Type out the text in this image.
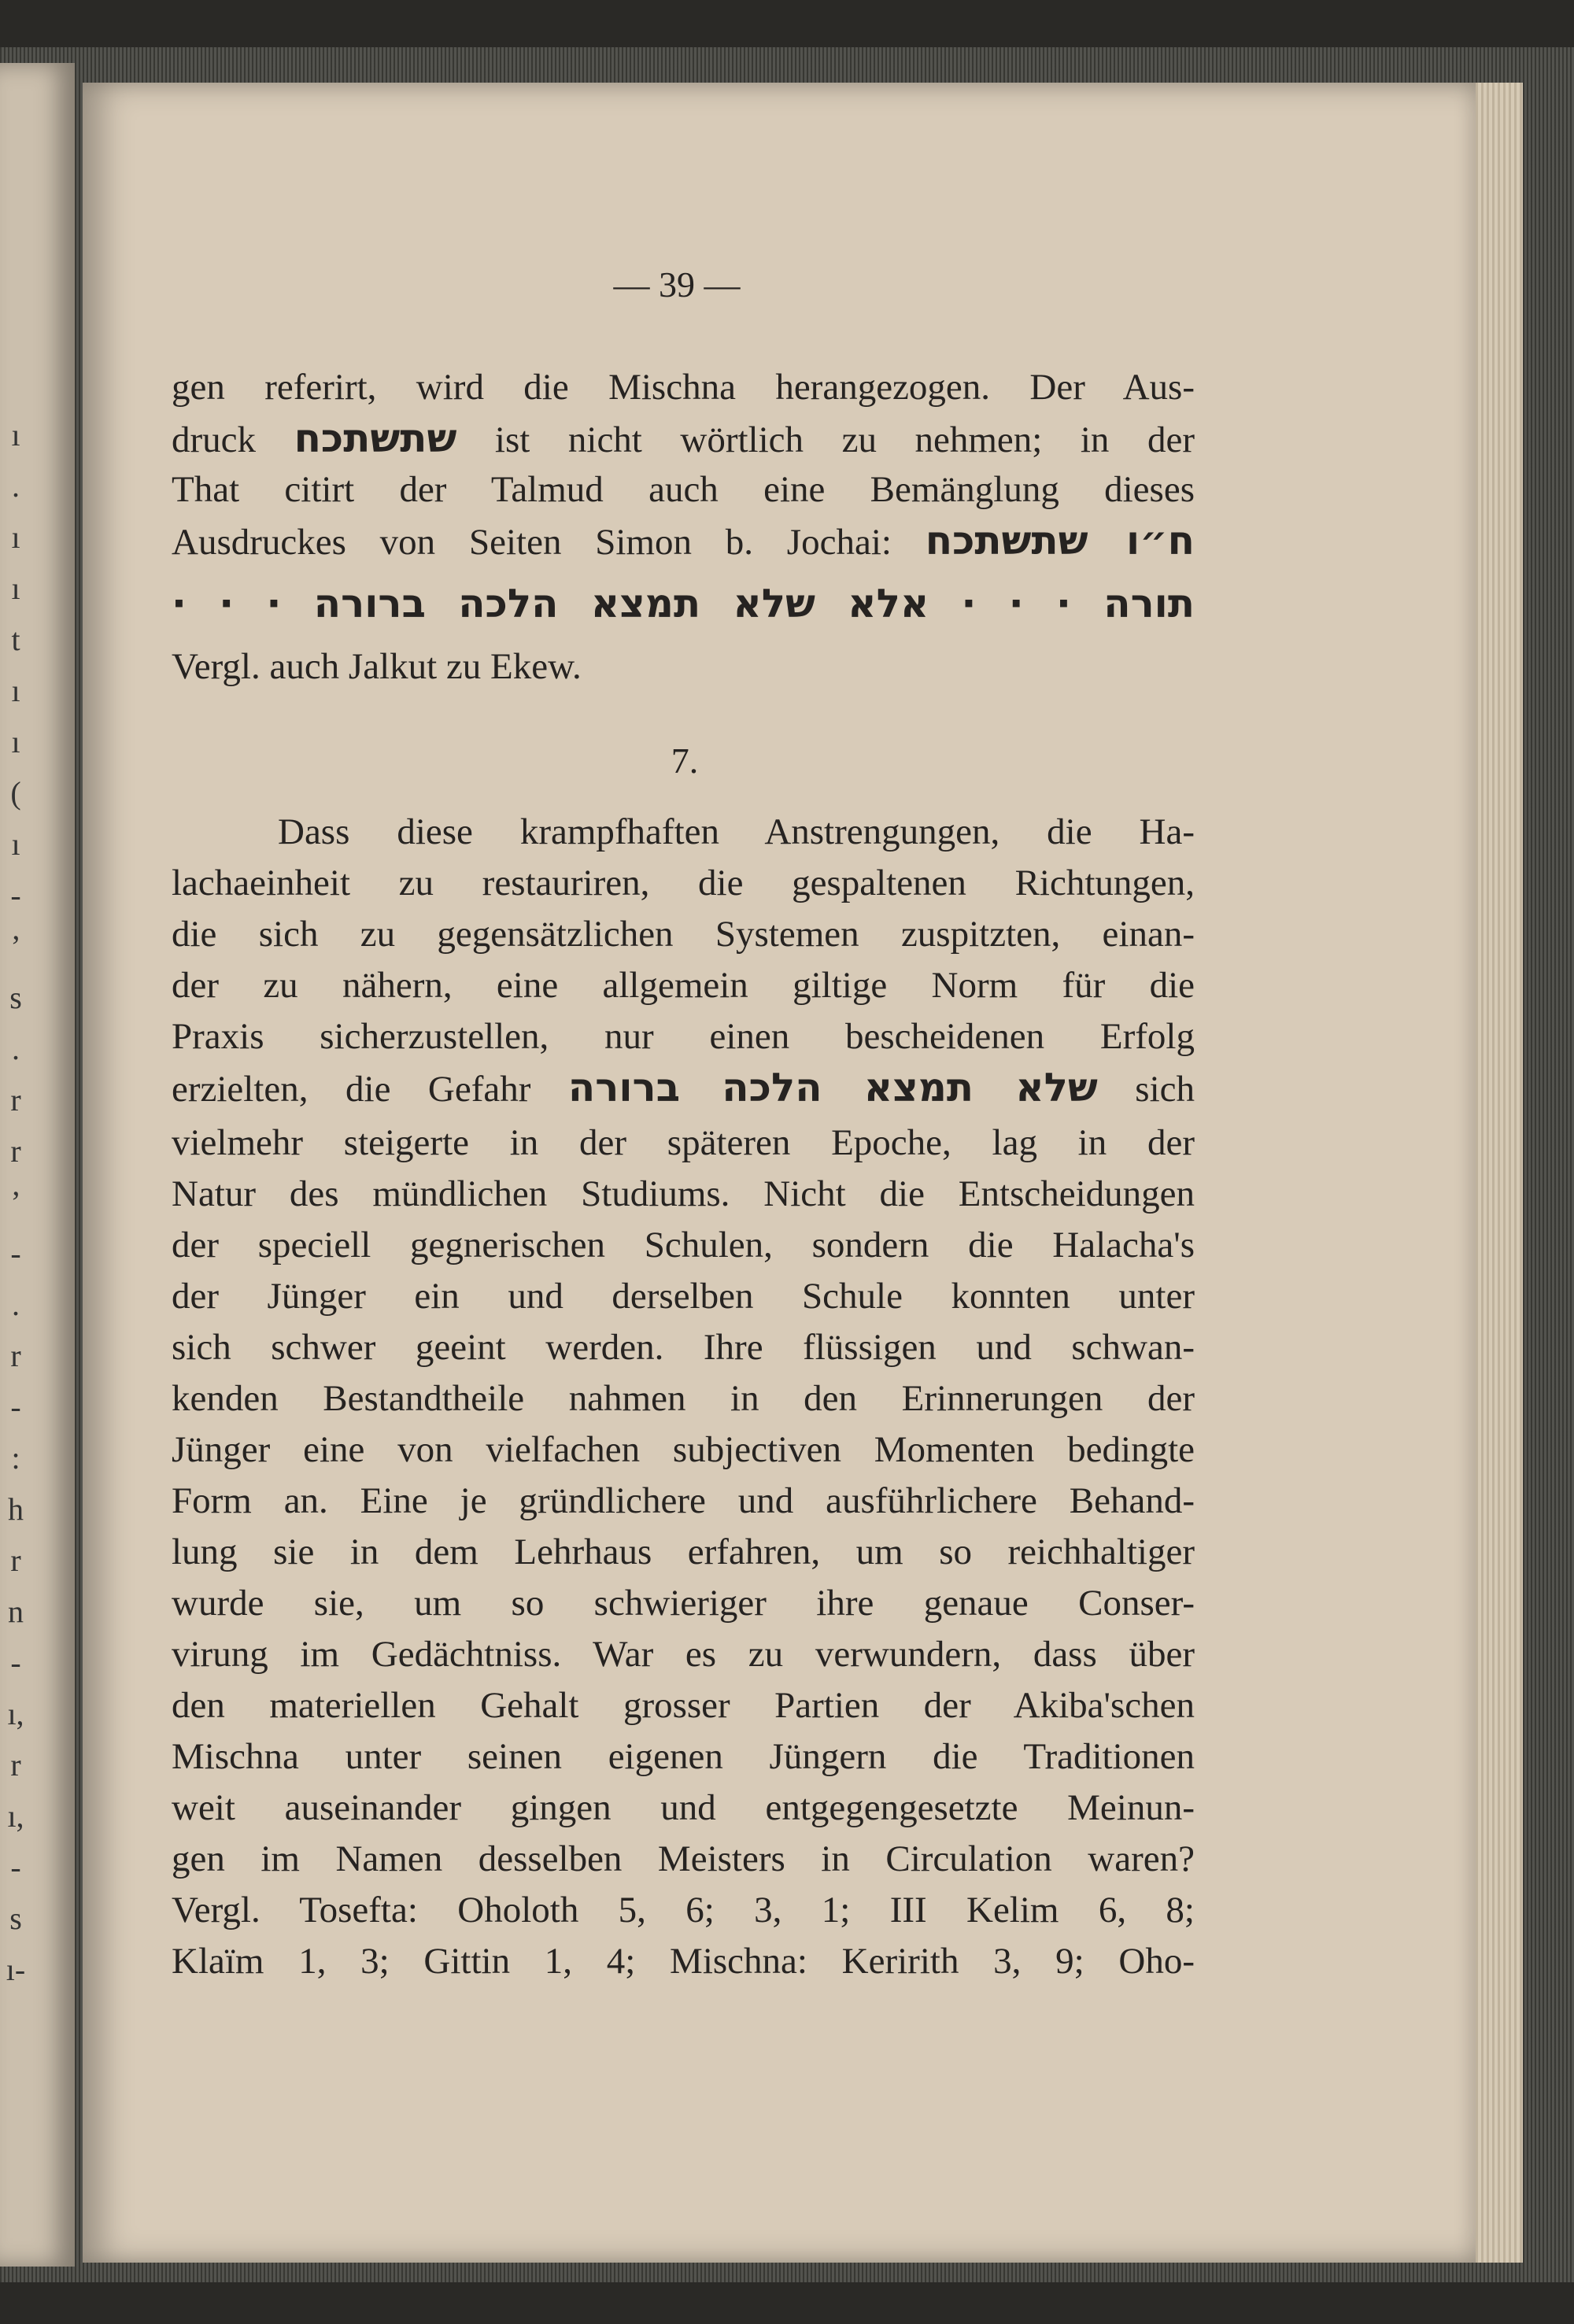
ı
.
ı
ı
t
ı
ı
(
ı
-
’
s
.
r
r
’
-
.
r
-
:
h
r
n
-
ı,
r
ı,
-
s
ı-
— 39 —
gen referirt, wird die Mischna herangezogen. Der Aus-
druck שתשתכח ist nicht wörtlich zu nehmen; in der
That citirt der Talmud auch eine Bemänglung dieses
Ausdruckes von Seiten Simon b. Jochai: ח״ו שתשתכח
תורה ⋅ ⋅ ⋅ אלא שלא תמצא הלכה ברורה ⋅ ⋅ ⋅
Vergl. auch Jalkut zu Ekew.
7.
Dass diese krampfhaften Anstrengungen, die Ha-
lachaeinheit zu restauriren, die gespaltenen Richtungen,
die sich zu gegensätzlichen Systemen zuspitzten, einan-
der zu nähern, eine allgemein giltige Norm für die
Praxis sicherzustellen, nur einen bescheidenen Erfolg
erzielten, die Gefahr שלא תמצא הלכה ברורה sich
vielmehr steigerte in der späteren Epoche, lag in der
Natur des mündlichen Studiums. Nicht die Entscheidungen
der speciell gegnerischen Schulen, sondern die Halacha's
der Jünger ein und derselben Schule konnten unter
sich schwer geeint werden. Ihre flüssigen und schwan-
kenden Bestandtheile nahmen in den Erinnerungen der
Jünger eine von vielfachen subjectiven Momenten bedingte
Form an. Eine je gründlichere und ausführlichere Behand-
lung sie in dem Lehrhaus erfahren, um so reichhaltiger
wurde sie, um so schwieriger ihre genaue Conser-
virung im Gedächtniss. War es zu verwundern, dass über
den materiellen Gehalt grosser Partien der Akiba'schen
Mischna unter seinen eigenen Jüngern die Traditionen
weit auseinander gingen und entgegengesetzte Meinun-
gen im Namen desselben Meisters in Circulation waren?
Vergl. Tosefta: Oholoth 5, 6; 3, 1; III Kelim 6, 8;
Klaïm 1, 3; Gittin 1, 4; Mischna: Keririth 3, 9; Oho-
